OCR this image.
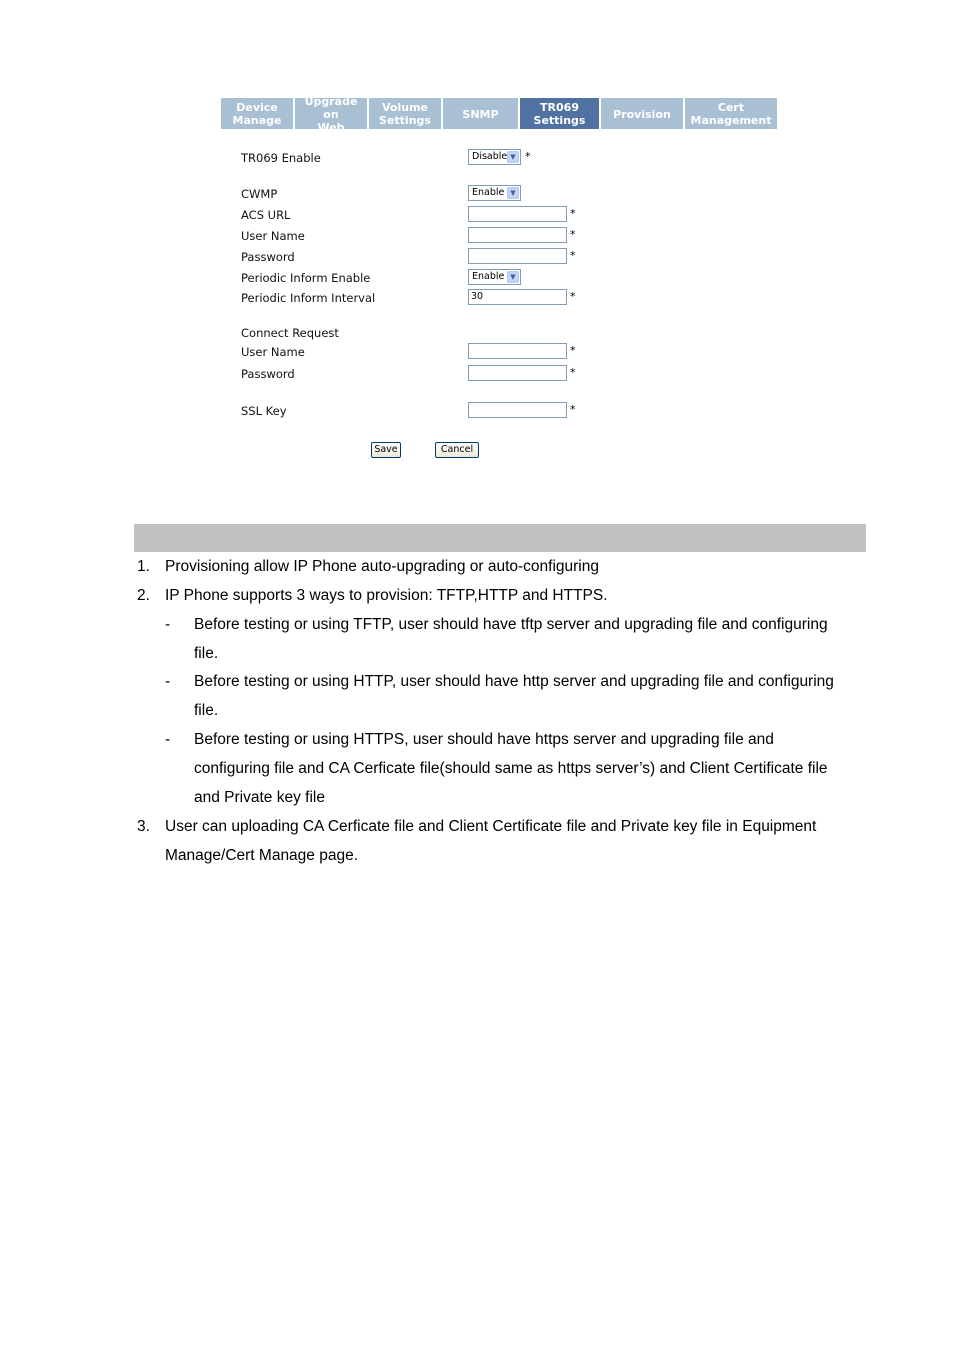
Device
Manage
Upgrade on
Web
Volume
Settings	SNMP	TR069
Settings	Provision	Cert
Management
TR069 Enable	Disable ▼ *
CWMP	Enable ▼
ACS URL	*
User Name	*
Password	*
Periodic Inform Enable	Enable ▼
Periodic Inform Interval	30	*
Connect Request
User Name	*
Password	*
SSL Key	*
Save	Cancel
1. Provisioning allow IP Phone auto-upgrading or auto-configuring
2. IP Phone supports 3 ways to provision: TFTP,HTTP and HTTPS.
- Before testing or using TFTP, user should have tftp server and upgrading file and configuring
file.
- Before testing or using HTTP, user should have http server and upgrading file and configuring
file.
- Before testing or using HTTPS, user should have https server and upgrading file and
configuring file and CA Cerficate file(should same as https server’s) and Client Certificate file
and Private key file
3. User can uploading CA Cerficate file and Client Certificate file and Private key file in Equipment
Manage/Cert Manage page.
